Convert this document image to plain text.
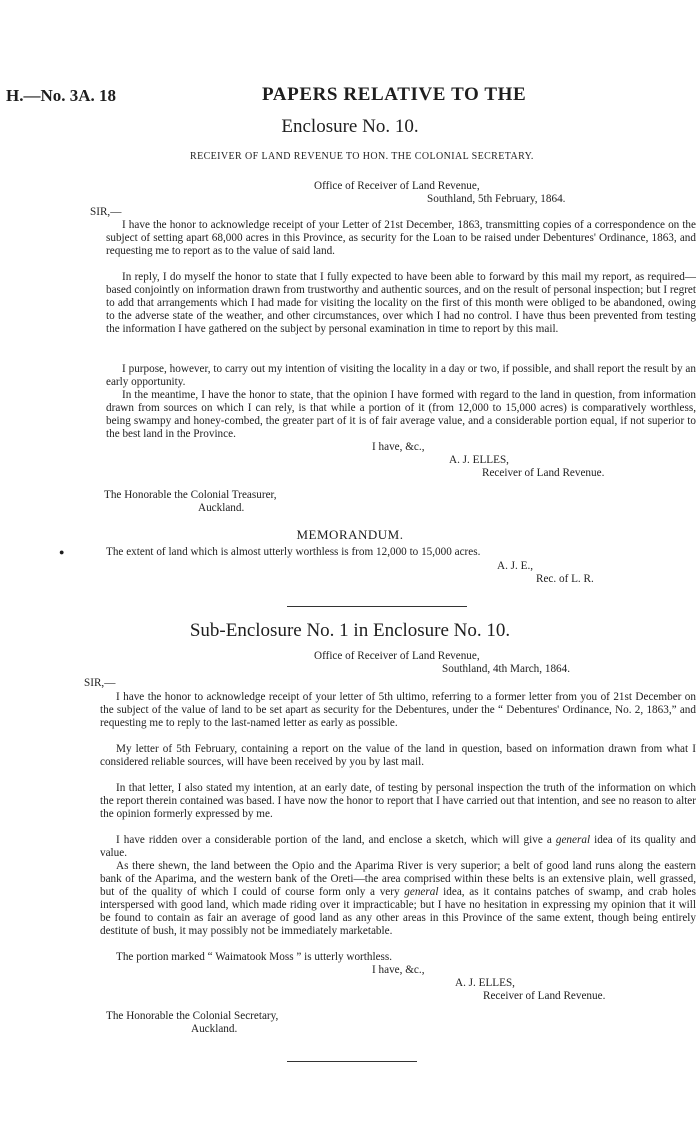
H.—No. 3A. 18	PAPERS RELATIVE TO THE
Enclosure No. 10.
RECEIVER OF LAND REVENUE TO HON. THE COLONIAL SECRETARY.
Office of Receiver of Land Revenue,
Southland, 5th February, 1864.
SIR,—
I have the honor to acknowledge receipt of your Letter of 21st December, 1863, transmitting copies of a correspondence on the subject of setting apart 68,000 acres in this Province, as security for the Loan to be raised under Debentures' Ordinance, 1863, and requesting me to report as to the value of said land.
In reply, I do myself the honor to state that I fully expected to have been able to forward by this mail my report, as required— based conjointly on information drawn from trustworthy and authentic sources, and on the result of personal inspection; but I regret to add that arrangements which I had made for visiting the locality on the first of this month were obliged to be abandoned, owing to the adverse state of the weather, and other circumstances, over which I had no control. I have thus been prevented from testing the information I have gathered on the subject by personal examination in time to report by this mail.
I purpose, however, to carry out my intention of visiting the locality in a day or two, if possible, and shall report the result by an early opportunity.
In the meantime, I have the honor to state, that the opinion I have formed with regard to the land in question, from information drawn from sources on which I can rely, is that while a portion of it (from 12,000 to 15,000 acres) is comparatively worthless, being swampy and honey-combed, the greater part of it is of fair average value, and a considerable portion equal, if not superior to the best land in the Province.
I have, &c.,
A. J. ELLES,
Receiver of Land Revenue.
The Honorable the Colonial Treasurer,
Auckland.
MEMORANDUM.
●	The extent of land which is almost utterly worthless is from 12,000 to 15,000 acres.
A. J. E.,
Rec. of L. R.
Sub-Enclosure No. 1 in Enclosure No. 10.
Office of Receiver of Land Revenue,
Southland, 4th March, 1864.
SIR,—
I have the honor to acknowledge receipt of your letter of 5th ultimo, referring to a former letter from you of 21st December on the subject of the value of land to be set apart as security for the Debentures, under the “ Debentures' Ordinance, No. 2, 1863,” and requesting me to reply to the last-named letter as early as possible.
My letter of 5th February, containing a report on the value of the land in question, based on information drawn from what I considered reliable sources, will have been received by you by last mail.
In that letter, I also stated my intention, at an early date, of testing by personal inspection the truth of the information on which the report therein contained was based. I have now the honor to report that I have carried out that intention, and see no reason to alter the opinion formerly expressed by me.
I have ridden over a considerable portion of the land, and enclose a sketch, which will give a general idea of its quality and value.
As there shewn, the land between the Opio and the Aparima River is very superior; a belt of good land runs along the eastern bank of the Aparima, and the western bank of the Oreti—the area comprised within these belts is an extensive plain, well grassed, but of the quality of which I could of course form only a very general idea, as it contains patches of swamp, and crab holes interspersed with good land, which made riding over it impracticable; but I have no hesitation in expressing my opinion that it will be found to contain as fair an average of good land as any other areas in this Province of the same extent, though being entirely destitute of bush, it may possibly not be immediately marketable.
The portion marked “ Waimatook Moss ” is utterly worthless.
I have, &c.,
A. J. ELLES,
Receiver of Land Revenue.
The Honorable the Colonial Secretary,
Auckland.
